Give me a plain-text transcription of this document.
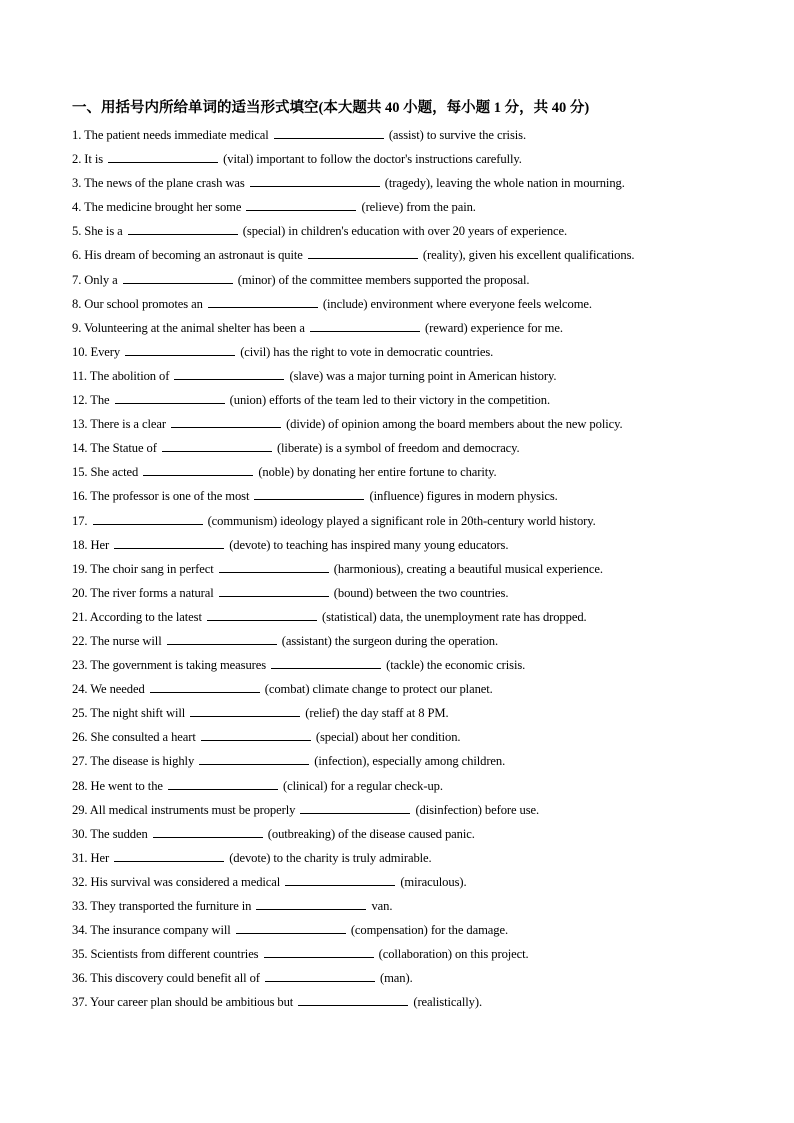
一、用括号内所给单词的适当形式填空(本大题共 40 小题，每小题 1 分，共 40 分)
1. The patient needs immediate medical	(assist) to survive the crisis.
2. It is	(vital) important to follow the doctor's instructions carefully.
3. The news of the plane crash was	(tragedy), leaving the whole nation in mourning.
4. The medicine brought her some	(relieve) from the pain.
5. She is a	(special) in children's education with over 20 years of experience.
6. His dream of becoming an astronaut is quite	(reality), given his excellent qualifications.
7. Only a	(minor) of the committee members supported the proposal.
8. Our school promotes an	(include) environment where everyone feels welcome.
9. Volunteering at the animal shelter has been a	(reward) experience for me.
10. Every	(civil) has the right to vote in democratic countries.
11. The abolition of	(slave) was a major turning point in American history.
12. The	(union) efforts of the team led to their victory in the competition.
13. There is a clear	(divide) of opinion among the board members about the new policy.
14. The Statue of	(liberate) is a symbol of freedom and democracy.
15. She acted	(noble) by donating her entire fortune to charity.
16. The professor is one of the most	(influence) figures in modern physics.
17.	(communism) ideology played a significant role in 20th-century world history.
18. Her	(devote) to teaching has inspired many young educators.
19. The choir sang in perfect	(harmonious), creating a beautiful musical experience.
20. The river forms a natural	(bound) between the two countries.
21. According to the latest	(statistical) data, the unemployment rate has dropped.
22. The nurse will	(assistant) the surgeon during the operation.
23. The government is taking measures	(tackle) the economic crisis.
24. We needed	(combat) climate change to protect our planet.
25. The night shift will	(relief) the day staff at 8 PM.
26. She consulted a heart	(special) about her condition.
27. The disease is highly	(infection), especially among children.
28. He went to the	(clinical) for a regular check-up.
29. All medical instruments must be properly	(disinfection) before use.
30. The sudden	(outbreaking) of the disease caused panic.
31. Her	(devote) to the charity is truly admirable.
32. His survival was considered a medical	(miraculous).
33. They transported the furniture in	van.
34. The insurance company will	(compensation) for the damage.
35. Scientists from different countries	(collaboration) on this project.
36. This discovery could benefit all of	(man).
37. Your career plan should be ambitious but	(realistically).
